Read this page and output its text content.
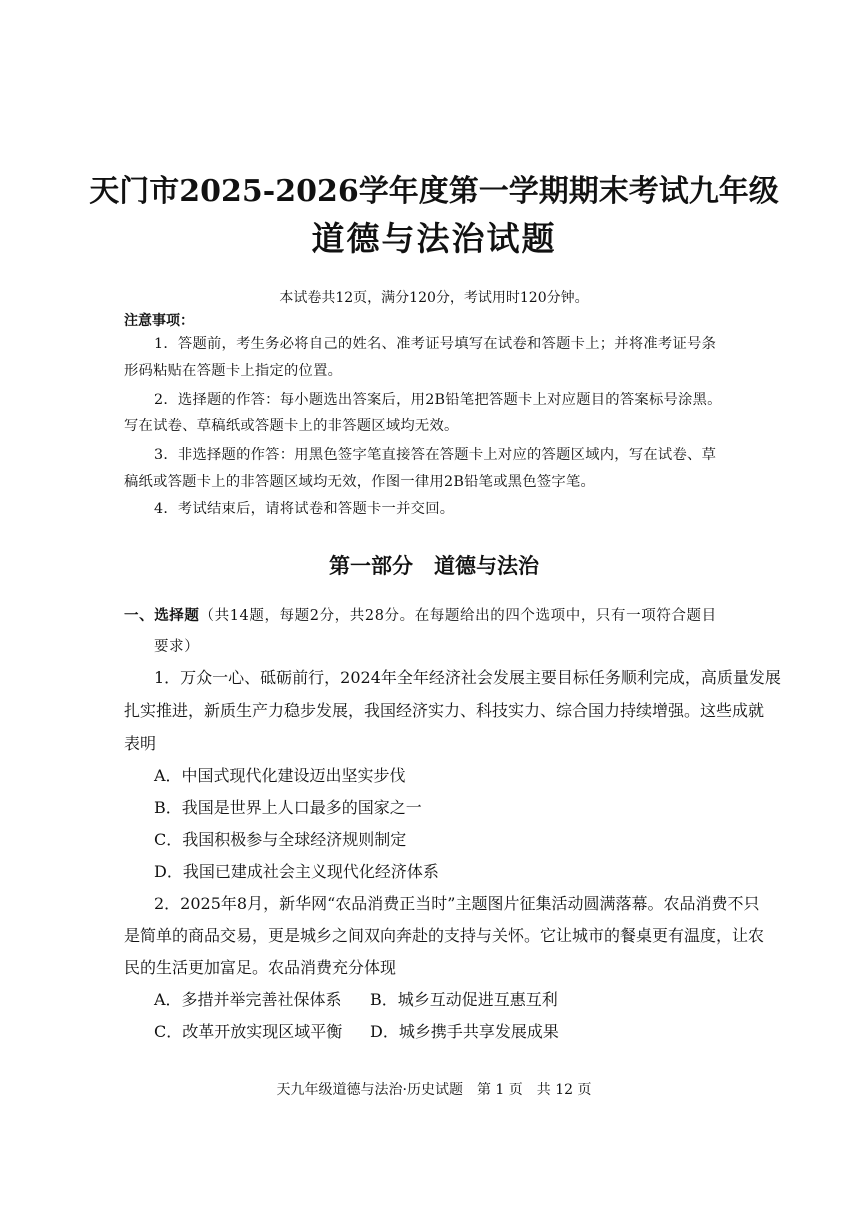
天门市2025-2026学年度第一学期期末考试九年级
道德与法治试题
本试卷共12页，满分120分，考试用时120分钟。
注意事项：
1．答题前，考生务必将自己的姓名、准考证号填写在试卷和答题卡上；并将准考证号条
形码粘贴在答题卡上指定的位置。
2．选择题的作答：每小题选出答案后，用2B铅笔把答题卡上对应题目的答案标号涂黑。
写在试卷、草稿纸或答题卡上的非答题区域均无效。
3．非选择题的作答：用黑色签字笔直接答在答题卡上对应的答题区域内，写在试卷、草
稿纸或答题卡上的非答题区域均无效，作图一律用2B铅笔或黑色签字笔。
4．考试结束后，请将试卷和答题卡一并交回。
第一部分　道德与法治
一、选择题（共14题，每题2分，共28分。在每题给出的四个选项中，只有一项符合题目
要求）
1．万众一心、砥砺前行，2024年全年经济社会发展主要目标任务顺利完成，高质量发展
扎实推进，新质生产力稳步发展，我国经济实力、科技实力、综合国力持续增强。这些成就
表明
A．中国式现代化建设迈出坚实步伐
B．我国是世界上人口最多的国家之一
C．我国积极参与全球经济规则制定
D．我国已建成社会主义现代化经济体系
2．2025年8月，新华网“农品消费正当时”主题图片征集活动圆满落幕。农品消费不只
是简单的商品交易，更是城乡之间双向奔赴的支持与关怀。它让城市的餐桌更有温度，让农
民的生活更加富足。农品消费充分体现
A．多措并举完善社保体系 B．城乡互动促进互惠互利
C．改革开放实现区域平衡 D．城乡携手共享发展成果
天九年级道德与法治·历史试题　第 1 页　共 12 页
